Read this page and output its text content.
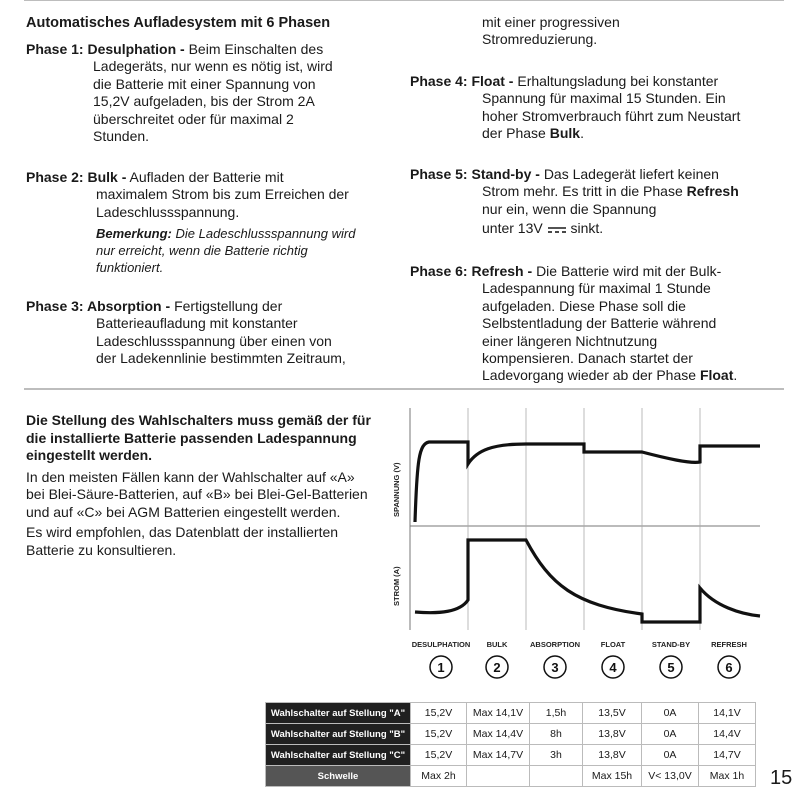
Automatisches Aufladesystem mit 6 Phasen
Phase 1: Desulphation - Beim Einschalten des
Ladegeräts, nur wenn es nötig ist, wird
die Batterie mit einer Spannung von
15,2V aufgeladen, bis der Strom 2A
überschreitet oder für maximal 2
Stunden.
Phase 2: Bulk - Aufladen der Batterie mit
maximalem Strom bis zum Erreichen der
Ladeschlussspannung.
Bemerkung: Die Ladeschlussspannung wird nur erreicht, wenn die Batterie richtig funktioniert.
Phase 3: Absorption - Fertigstellung der
Batterieaufladung mit konstanter
Ladeschlussspannung über einen von
der Ladekennlinie bestimmten Zeitraum,
mit einer progressiven
Stromreduzierung.
Phase 4: Float - Erhaltungsladung bei konstanter
Spannung für maximal 15 Stunden. Ein
hoher Stromverbrauch führt zum Neustart
der Phase Bulk.
Phase 5: Stand-by - Das Ladegerät liefert keinen
Strom mehr. Es tritt in die Phase Refresh
nur ein, wenn die Spannung
unter 13V sinkt.
Phase 6: Refresh - Die Batterie wird mit der Bulk-
Ladespannung für maximal 1 Stunde
aufgeladen. Diese Phase soll die
Selbstentladung der Batterie während
einer längeren Nichtnutzung
kompensieren. Danach startet der
Ladevorgang wieder ab der Phase Float.
Die Stellung des Wahlschalters muss gemäß der für die installierte Batterie passenden Ladespannung eingestellt werden.
In den meisten Fällen kann der Wahlschalter auf «A» bei Blei-Säure-Batterien, auf «B» bei Blei-Gel-Batterien und auf «C» bei AGM Batterien eingestellt werden.
Es wird empfohlen, das Datenblatt der installierten Batterie zu konsultieren.
SPANNUNG (V)
STROM (A)
DESULPHATION BULK	ABSORPTION	FLOAT	STAND-BY	REFRESH
1	2	3	4	5	6
Wahlschalter auf Stellung "A"	15,2V	Max 14,1V	1,5h	13,5V	0A	14,1V
Wahlschalter auf Stellung "B"	15,2V	Max 14,4V	8h	13,8V	0A	14,4V
Wahlschalter auf Stellung "C"	15,2V	Max 14,7V	3h	13,8V	0A	14,7V
Schwelle	Max 2h			Max 15h	V< 13,0V	Max 1h 15
